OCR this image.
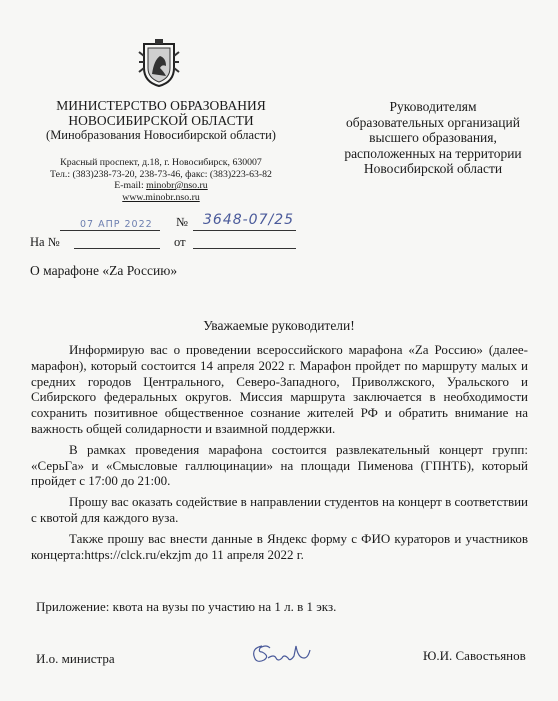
МИНИСТЕРСТВО ОБРАЗОВАНИЯ
НОВОСИБИРСКОЙ ОБЛАСТИ
(Минобразования Новосибирской области)
Красный проспект, д.18, г. Новосибирск, 630007
Тел.: (383)238-73-20, 238-73-46, факс: (383)223-63-82
E-mail: minobr@nso.ru
www.minobr.nso.ru
Руководителям
образовательных организаций
высшего образования,
расположенных на территории
Новосибирской области
07 АПР 2022 № 3648-07/25
На №	от
О марафоне «Za Россию»
Уважаемые руководители!

Информирую вас о проведении всероссийского марафона «Za Россию» (далее-марафон), который состоится 14 апреля 2022 г. Марафон пройдет по маршруту малых и средних городов Центрального, Северо-Западного, Приволжского, Уральского и Сибирского федеральных округов. Миссия маршрута заключается в необходимости сохранить позитивное общественное сознание жителей РФ и обратить внимание на важность общей солидарности и взаимной поддержки.

В рамках проведения марафона состоится развлекательный концерт групп: «СерьГа» и «Смысловые галлюцинации» на площади Пименова (ГПНТБ), который пройдет с 17:00 до 21:00.

Прошу вас оказать содействие в направлении студентов на концерт в соответствии с квотой для каждого вуза.

Также прошу вас внести данные в Яндекс форму с ФИО кураторов и участников концерта:https://clck.ru/ekzjm до 11 апреля 2022 г.

Приложение: квота на вузы по участию на 1 л. в 1 экз.
И.о. министра	Ю.И. Савостьянов
